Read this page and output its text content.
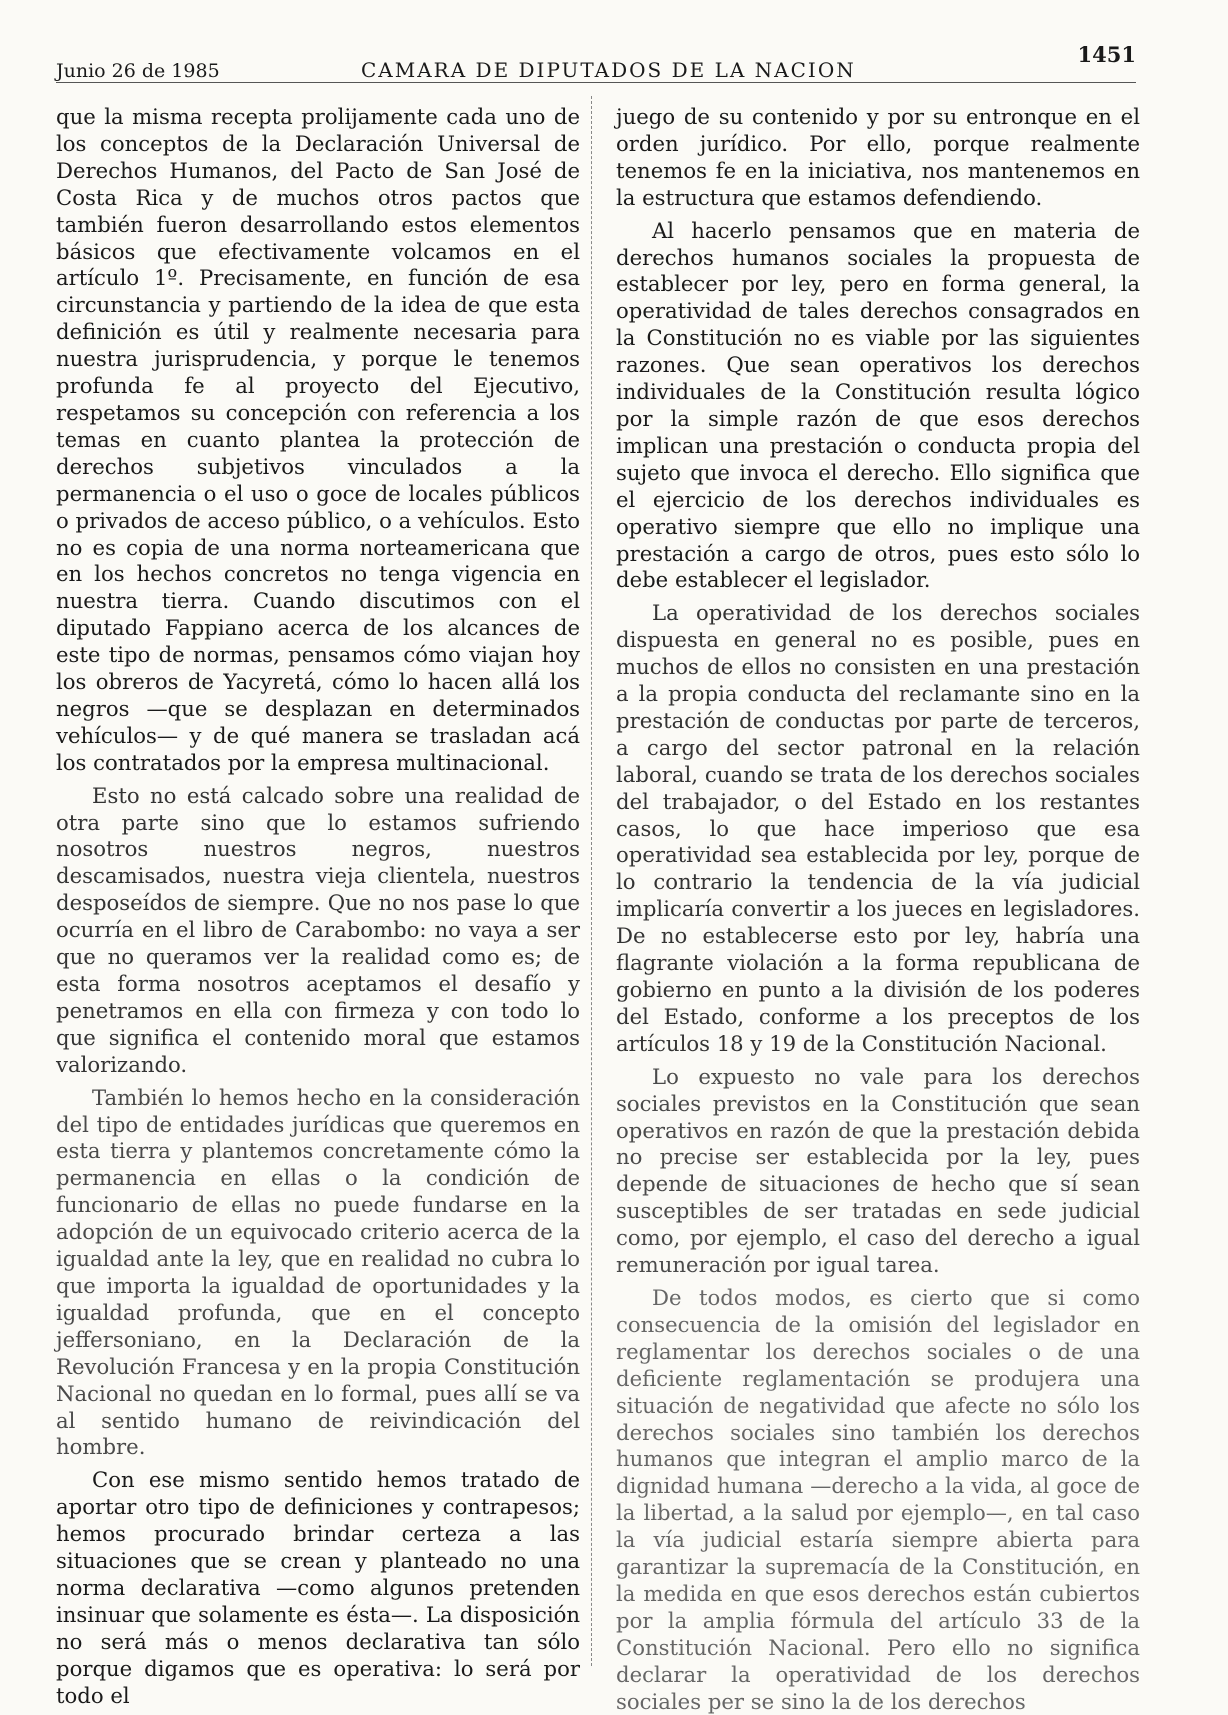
Junio 26 de 1985	CAMARA DE DIPUTADOS DE LA NACION
1451

que la misma recepta prolijamente cada uno de los conceptos de la Declaración Universal de Derechos Humanos, del Pacto de San José de Costa Rica y de muchos otros pactos que también fueron desarrollando estos elementos básicos que efectivamente volcamos en el artículo 1º. Precisamente, en función de esa circunstancia y partiendo de la idea de que esta definición es útil y realmente necesaria para nuestra jurisprudencia, y porque le tenemos profunda fe al proyecto del Ejecutivo, respetamos su concepción con referencia a los temas en cuanto plantea la protección de derechos subjetivos vinculados a la permanencia o el uso o goce de locales públicos o privados de acceso público, o a vehículos. Esto no es copia de una norma norteamericana que en los hechos concretos no tenga vigencia en nuestra tierra. Cuando discutimos con el diputado Fappiano acerca de los alcances de este tipo de normas, pensamos cómo viajan hoy los obreros de Yacyretá, cómo lo hacen allá los negros —que se desplazan en determinados vehículos— y de qué manera se trasladan acá los contratados por la empresa multinacional.

Esto no está calcado sobre una realidad de otra parte sino que lo estamos sufriendo nosotros nuestros negros, nuestros descamisados, nuestra vieja clientela, nuestros desposeídos de siempre. Que no nos pase lo que ocurría en el libro de Carabombo: no vaya a ser que no queramos ver la realidad como es; de esta forma nosotros aceptamos el desafío y penetramos en ella con firmeza y con todo lo que significa el contenido moral que estamos valorizando.

También lo hemos hecho en la consideración del tipo de entidades jurídicas que queremos en esta tierra y plantemos concretamente cómo la permanencia en ellas o la condición de funcionario de ellas no puede fundarse en la adopción de un equivocado criterio acerca de la igualdad ante la ley, que en realidad no cubra lo que importa la igualdad de oportunidades y la igualdad profunda, que en el concepto jeffersoniano, en la Declaración de la Revolución Francesa y en la propia Constitución Nacional no quedan en lo formal, pues allí se va al sentido humano de reivindicación del hombre.

Con ese mismo sentido hemos tratado de aportar otro tipo de definiciones y contrapesos; hemos procurado brindar certeza a las situaciones que se crean y planteado no una norma declarativa —como algunos pretenden insinuar que solamente es ésta—. La disposición no será más o menos declarativa tan sólo porque digamos que es operativa: lo será por todo el

juego de su contenido y por su entronque en el orden jurídico. Por ello, porque realmente tenemos fe en la iniciativa, nos mantenemos en la estructura que estamos defendiendo.

Al hacerlo pensamos que en materia de derechos humanos sociales la propuesta de establecer por ley, pero en forma general, la operatividad de tales derechos consagrados en la Constitución no es viable por las siguientes razones. Que sean operativos los derechos individuales de la Constitución resulta lógico por la simple razón de que esos derechos implican una prestación o conducta propia del sujeto que invoca el derecho. Ello significa que el ejercicio de los derechos individuales es operativo siempre que ello no implique una prestación a cargo de otros, pues esto sólo lo debe establecer el legislador.

La operatividad de los derechos sociales dispuesta en general no es posible, pues en muchos de ellos no consisten en una prestación a la propia conducta del reclamante sino en la prestación de conductas por parte de terceros, a cargo del sector patronal en la relación laboral, cuando se trata de los derechos sociales del trabajador, o del Estado en los restantes casos, lo que hace imperioso que esa operatividad sea establecida por ley, porque de lo contrario la tendencia de la vía judicial implicaría convertir a los jueces en legisladores. De no establecerse esto por ley, habría una flagrante violación a la forma republicana de gobierno en punto a la división de los poderes del Estado, conforme a los preceptos de los artículos 18 y 19 de la Constitución Nacional.

Lo expuesto no vale para los derechos sociales previstos en la Constitución que sean operativos en razón de que la prestación debida no precise ser establecida por la ley, pues depende de situaciones de hecho que sí sean susceptibles de ser tratadas en sede judicial como, por ejemplo, el caso del derecho a igual remuneración por igual tarea.

De todos modos, es cierto que si como consecuencia de la omisión del legislador en reglamentar los derechos sociales o de una deficiente reglamentación se produjera una situación de negatividad que afecte no sólo los derechos sociales sino también los derechos humanos que integran el amplio marco de la dignidad humana —derecho a la vida, al goce de la libertad, a la salud por ejemplo—, en tal caso la vía judicial estaría siempre abierta para garantizar la supremacía de la Constitución, en la medida en que esos derechos están cubiertos por la amplia fórmula del artículo 33 de la Constitución Nacional. Pero ello no significa declarar la operatividad de los derechos sociales per se sino la de los derechos
